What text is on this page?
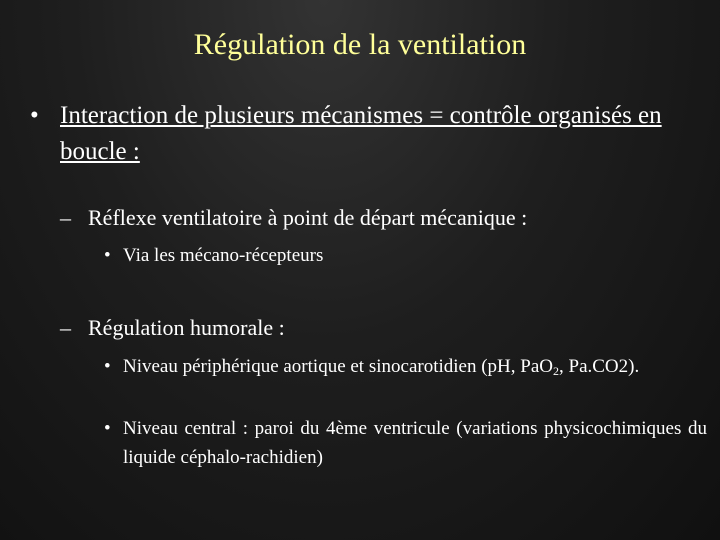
Régulation de la ventilation
• Interaction de plusieurs mécanismes = contrôle organisés en boucle :
– Réflexe ventilatoire à point de départ mécanique :
• Via les mécano-récepteurs
– Régulation humorale :
• Niveau périphérique aortique et sinocarotidien (pH, PaO$_2$, Pa.CO2).
• Niveau central : paroi du 4ème ventricule (variations physicochimiques du liquide céphalo-rachidien)
